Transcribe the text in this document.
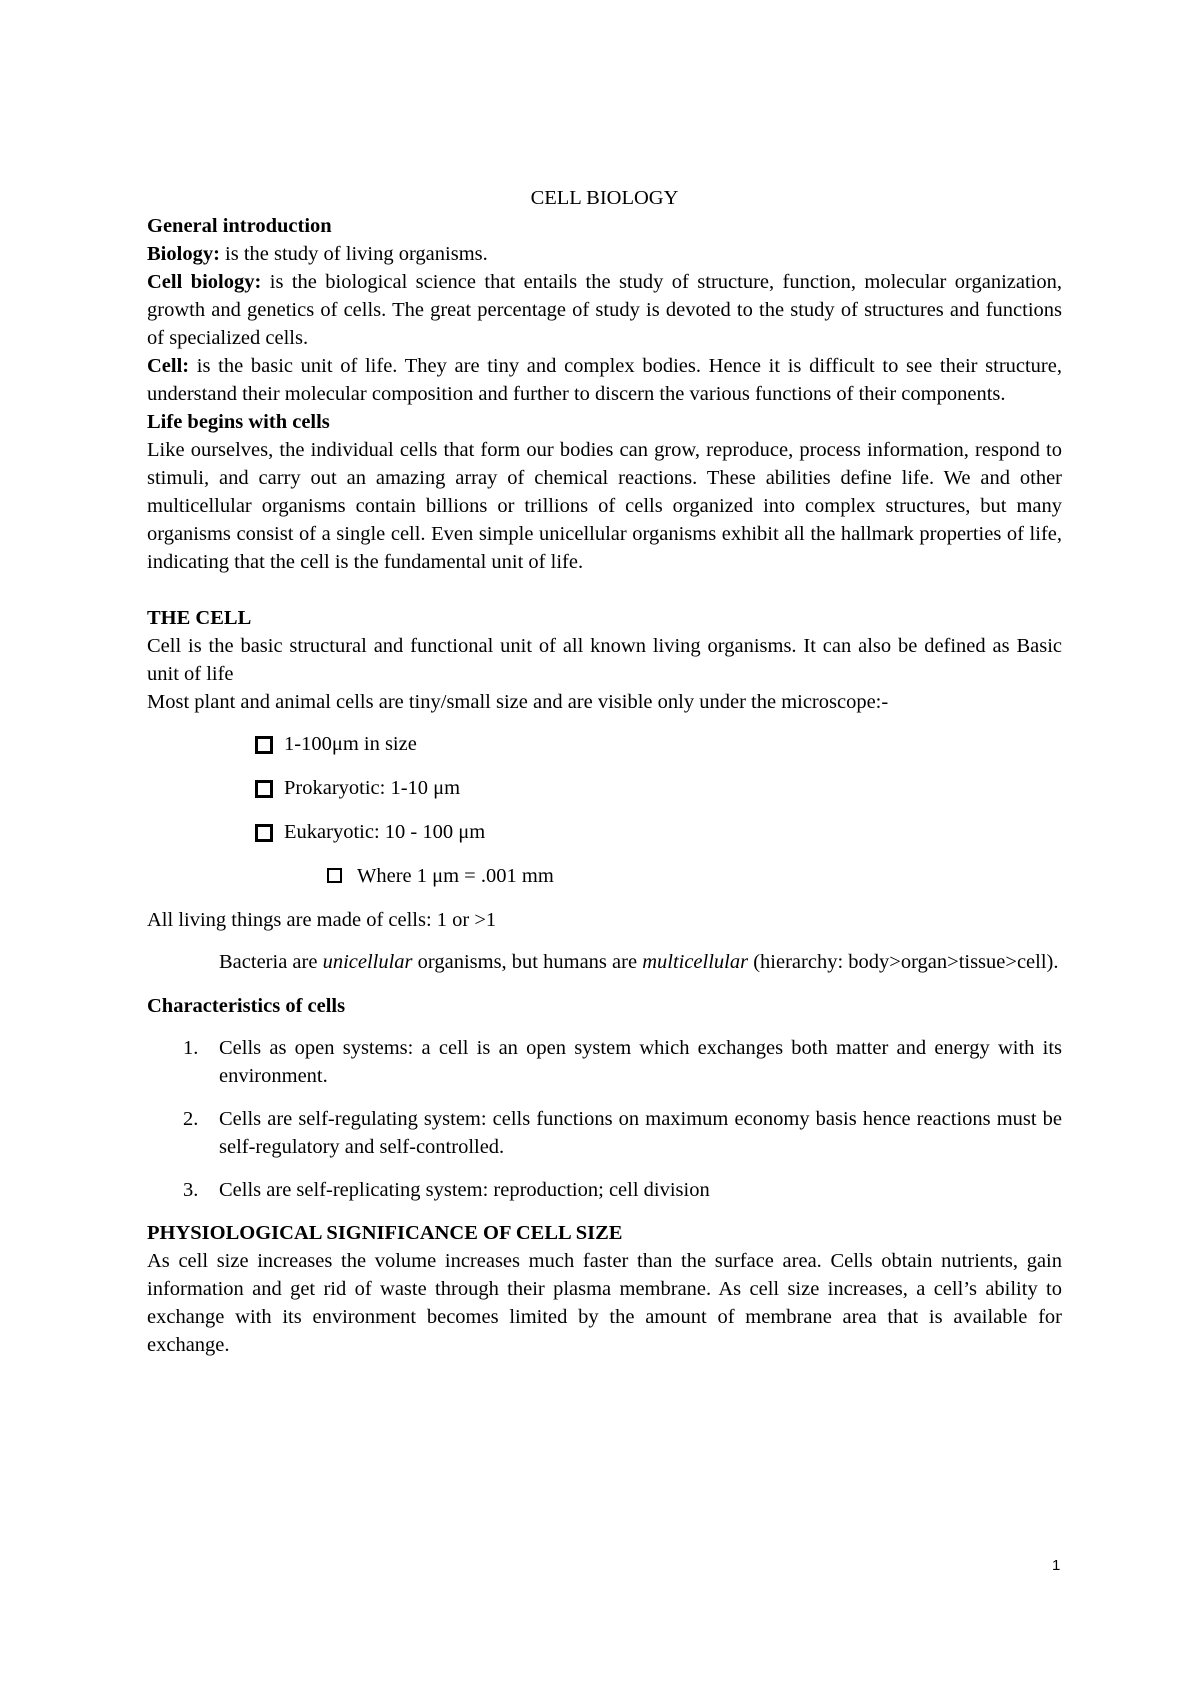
CELL BIOLOGY

General introduction

Biology: is the study of living organisms.

Cell biology: is the biological science that entails the study of structure, function, molecular organization, growth and genetics of cells. The great percentage of study is devoted to the study of structures and functions of specialized cells.

Cell: is the basic unit of life. They are tiny and complex bodies. Hence it is difficult to see their structure, understand their molecular composition and further to discern the various functions of their components.

Life begins with cells

Like ourselves, the individual cells that form our bodies can grow, reproduce, process information, respond to stimuli, and carry out an amazing array of chemical reactions. These abilities define life. We and other multicellular organisms contain billions or trillions of cells organized into complex structures, but many organisms consist of a single cell. Even simple unicellular organisms exhibit all the hallmark properties of life, indicating that the cell is the fundamental unit of life.

THE CELL

Cell is the basic structural and functional unit of all known living organisms. It can also be defined as Basic unit of life

Most plant and animal cells are tiny/small size and are visible only under the microscope:-

1-100μm in size
Prokaryotic: 1-10 μm
Eukaryotic: 10 - 100 μm
Where 1 μm = .001 mm

All living things are made of cells: 1 or >1

Bacteria are unicellular organisms, but humans are multicellular (hierarchy: body>organ>tissue>cell).

Characteristics of cells

1. Cells as open systems: a cell is an open system which exchanges both matter and energy with its environment.
2. Cells are self-regulating system: cells functions on maximum economy basis hence reactions must be self-regulatory and self-controlled.
3. Cells are self-replicating system: reproduction; cell division

PHYSIOLOGICAL SIGNIFICANCE OF CELL SIZE

As cell size increases the volume increases much faster than the surface area. Cells obtain nutrients, gain information and get rid of waste through their plasma membrane. As cell size increases, a cell’s ability to exchange with its environment becomes limited by the amount of membrane area that is available for exchange.

1
